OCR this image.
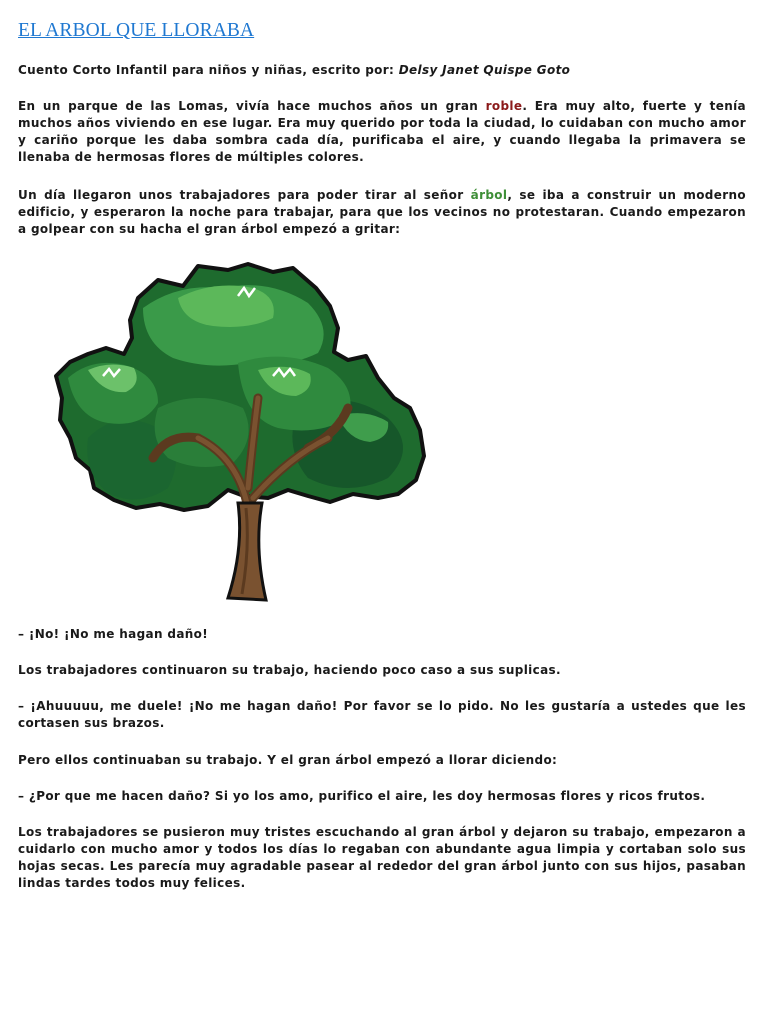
EL ARBOL QUE LLORABA

Cuento Corto Infantil para niños y niñas, escrito por: Delsy Janet Quispe Goto

En un parque de las Lomas, vivía hace muchos años un gran roble. Era muy alto, fuerte y tenía muchos años viviendo en ese lugar. Era muy querido por toda la ciudad, lo cuidaban con mucho amor y cariño porque les daba sombra cada día, purificaba el aire, y cuando llegaba la primavera se llenaba de hermosas flores de múltiples colores.

Un día llegaron unos trabajadores para poder tirar al señor árbol, se iba a construir un moderno edificio, y esperaron la noche para trabajar, para que los vecinos no protestaran. Cuando empezaron a golpear con su hacha el gran árbol empezó a gritar:

– ¡No! ¡No me hagan daño!

Los trabajadores continuaron su trabajo, haciendo poco caso a sus suplicas.

– ¡Ahuuuuu, me duele! ¡No me hagan daño! Por favor se lo pido. No les gustaría a ustedes que les cortasen sus brazos.

Pero ellos continuaban su trabajo. Y el gran árbol empezó a llorar diciendo:

– ¿Por que me hacen daño? Si yo los amo, purifico el aire, les doy hermosas flores y ricos frutos.

Los trabajadores se pusieron muy tristes escuchando al gran árbol y dejaron su trabajo, empezaron a cuidarlo con mucho amor y todos los días lo regaban con abundante agua limpia y cortaban solo sus hojas secas. Les parecía muy agradable pasear al rededor del gran árbol junto con sus hijos, pasaban lindas tardes todos muy felices.
